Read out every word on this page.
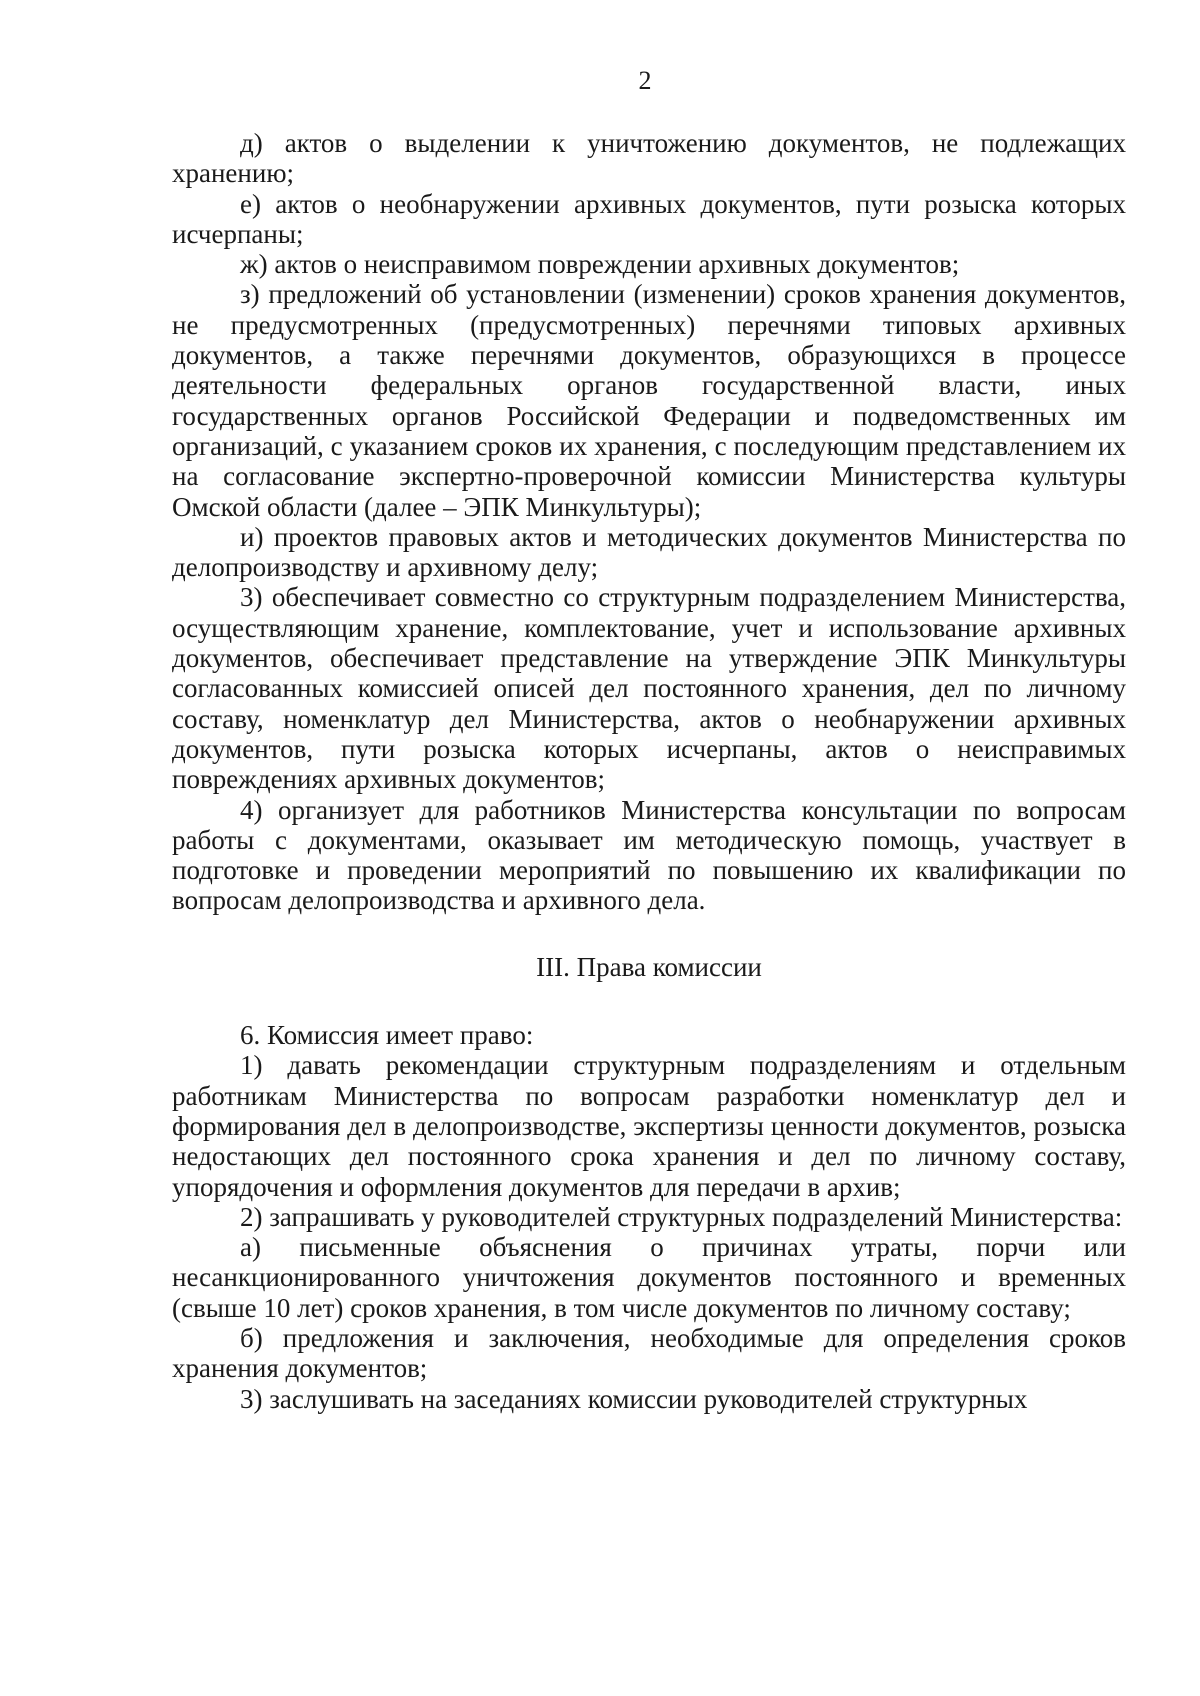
2

д) актов о выделении к уничтожению документов, не подлежащих хранению;

е) актов о необнаружении архивных документов, пути розыска которых исчерпаны;

ж) актов о неисправимом повреждении архивных документов;

з) предложений об установлении (изменении) сроков хранения документов, не предусмотренных (предусмотренных) перечнями типовых архивных документов, а также перечнями документов, образующихся в процессе деятельности федеральных органов государственной власти, иных государственных органов Российской Федерации и подведомственных им организаций, с указанием сроков их хранения, с последующим представлением их на согласование экспертно-проверочной комиссии Министерства культуры Омской области (далее – ЭПК Минкультуры);

и) проектов правовых актов и методических документов Министерства по делопроизводству и архивному делу;

3) обеспечивает совместно со структурным подразделением Министерства, осуществляющим хранение, комплектование, учет и использование архивных документов, обеспечивает представление на утверждение ЭПК Минкультуры согласованных комиссией описей дел постоянного хранения, дел по личному составу, номенклатур дел Министерства, актов о необнаружении архивных документов, пути розыска которых исчерпаны, актов о неисправимых повреждениях архивных документов;

4) организует для работников Министерства консультации по вопросам работы с документами, оказывает им методическую помощь, участвует в подготовке и проведении мероприятий по повышению их квалификации по вопросам делопроизводства и архивного дела.

III. Права комиссии

6. Комиссия имеет право:

1) давать рекомендации структурным подразделениям и отдельным работникам Министерства по вопросам разработки номенклатур дел и формирования дел в делопроизводстве, экспертизы ценности документов, розыска недостающих дел постоянного срока хранения и дел по личному составу, упорядочения и оформления документов для передачи в архив;

2) запрашивать у руководителей структурных подразделений Министерства:

а) письменные объяснения о причинах утраты, порчи или несанкционированного уничтожения документов постоянного и временных (свыше 10 лет) сроков хранения, в том числе документов по личному составу;

б) предложения и заключения, необходимые для определения сроков хранения документов;

3) заслушивать на заседаниях комиссии руководителей структурных
